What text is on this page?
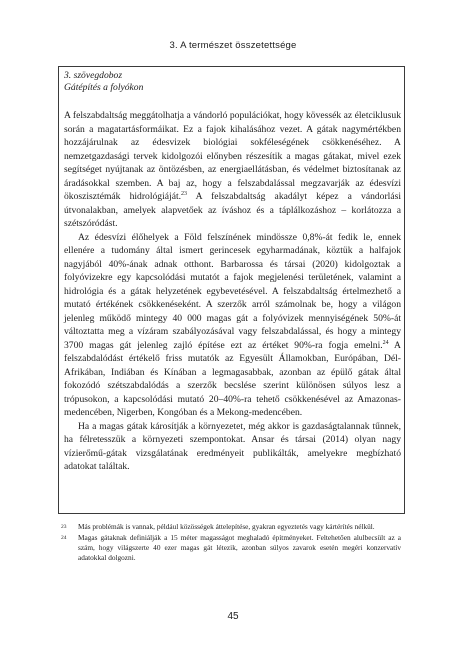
3. A természet összetettsége
3. szövegdoboz
Gátépítés a folyókon

A felszabdaltság meggátolhatja a vándorló populációkat, hogy kövessék az életciklusuk során a magatartásformáikat. Ez a fajok kihalásához vezet. A gátak nagymértékben hozzájárulnak az édesvizek biológiai sokféleségének csökkenéséhez. A nemzetgazdasági tervek kidolgozói előnyben részesítik a magas gátakat, mivel ezek segítséget nyújtanak az öntözésben, az energiaellátásban, és védelmet biztosítanak az áradásokkal szemben. A baj az, hogy a felszabdalással megzavarják az édesvízi ökoszisztémák hidrológiáját.$^{23}$ A felszabdaltság akadályt képez a vándorlási útvonalakban, amelyek alapvetőek az íváshoz és a táplálkozáshoz – korlátozza a szétszóródást.

Az édesvízi élőhelyek a Föld felszínének mindössze 0,8%-át fedik le, ennek ellenére a tudomány által ismert gerincesek egyharmadának, köztük a halfajok nagyjából 40%-ának adnak otthont. Barbarossa és társai (2020) kidolgoztak a folyóvizekre egy kapcsolódási mutatót a fajok megjelenési területének, valamint a hidrológia és a gátak helyzetének egybevetésével. A felszabdaltság értelmezhető a mutató értékének csökkenéseként. A szerzők arról számolnak be, hogy a világon jelenleg működő mintegy 40 000 magas gát a folyóvizek mennyiségének 50%-át változtatta meg a vízáram szabályozásával vagy felszabdalással, és hogy a mintegy 3700 magas gát jelenleg zajló építése ezt az értéket 90%-ra fogja emelni.$^{24}$ A felszabdalódást értékelő friss mutatók az Egyesült Államokban, Európában, Dél-Afrikában, Indiában és Kínában a legmagasabbak, azonban az épülő gátak által fokozódó szétszabdalódás a szerzők becslése szerint különösen súlyos lesz a trópusokon, a kapcsolódási mutató 20–40%-ra tehető csökkenésével az Amazonas-medencében, Nigerben, Kongóban és a Mekong-medencében.

Ha a magas gátak károsítják a környezetet, még akkor is gazdaságtalannak tűnnek, ha félretesszük a környezeti szempontokat. Ansar és társai (2014) olyan nagy vízierőmű-gátak vizsgálatának eredményeit publikálták, amelyekre megbízható adatokat találtak.

23 Más problémák is vannak, például közösségek áttelepítése, gyakran egyeztetés vagy kártérítés nélkül.
24 Magas gátaknak definiálják a 15 méter magasságot meghaladó építményeket. Feltehetően alulbecsült az a szám, hogy világszerte 40 ezer magas gát létezik, azonban súlyos zavarok esetén megéri konzervatív adatokkal dolgozni.
45
